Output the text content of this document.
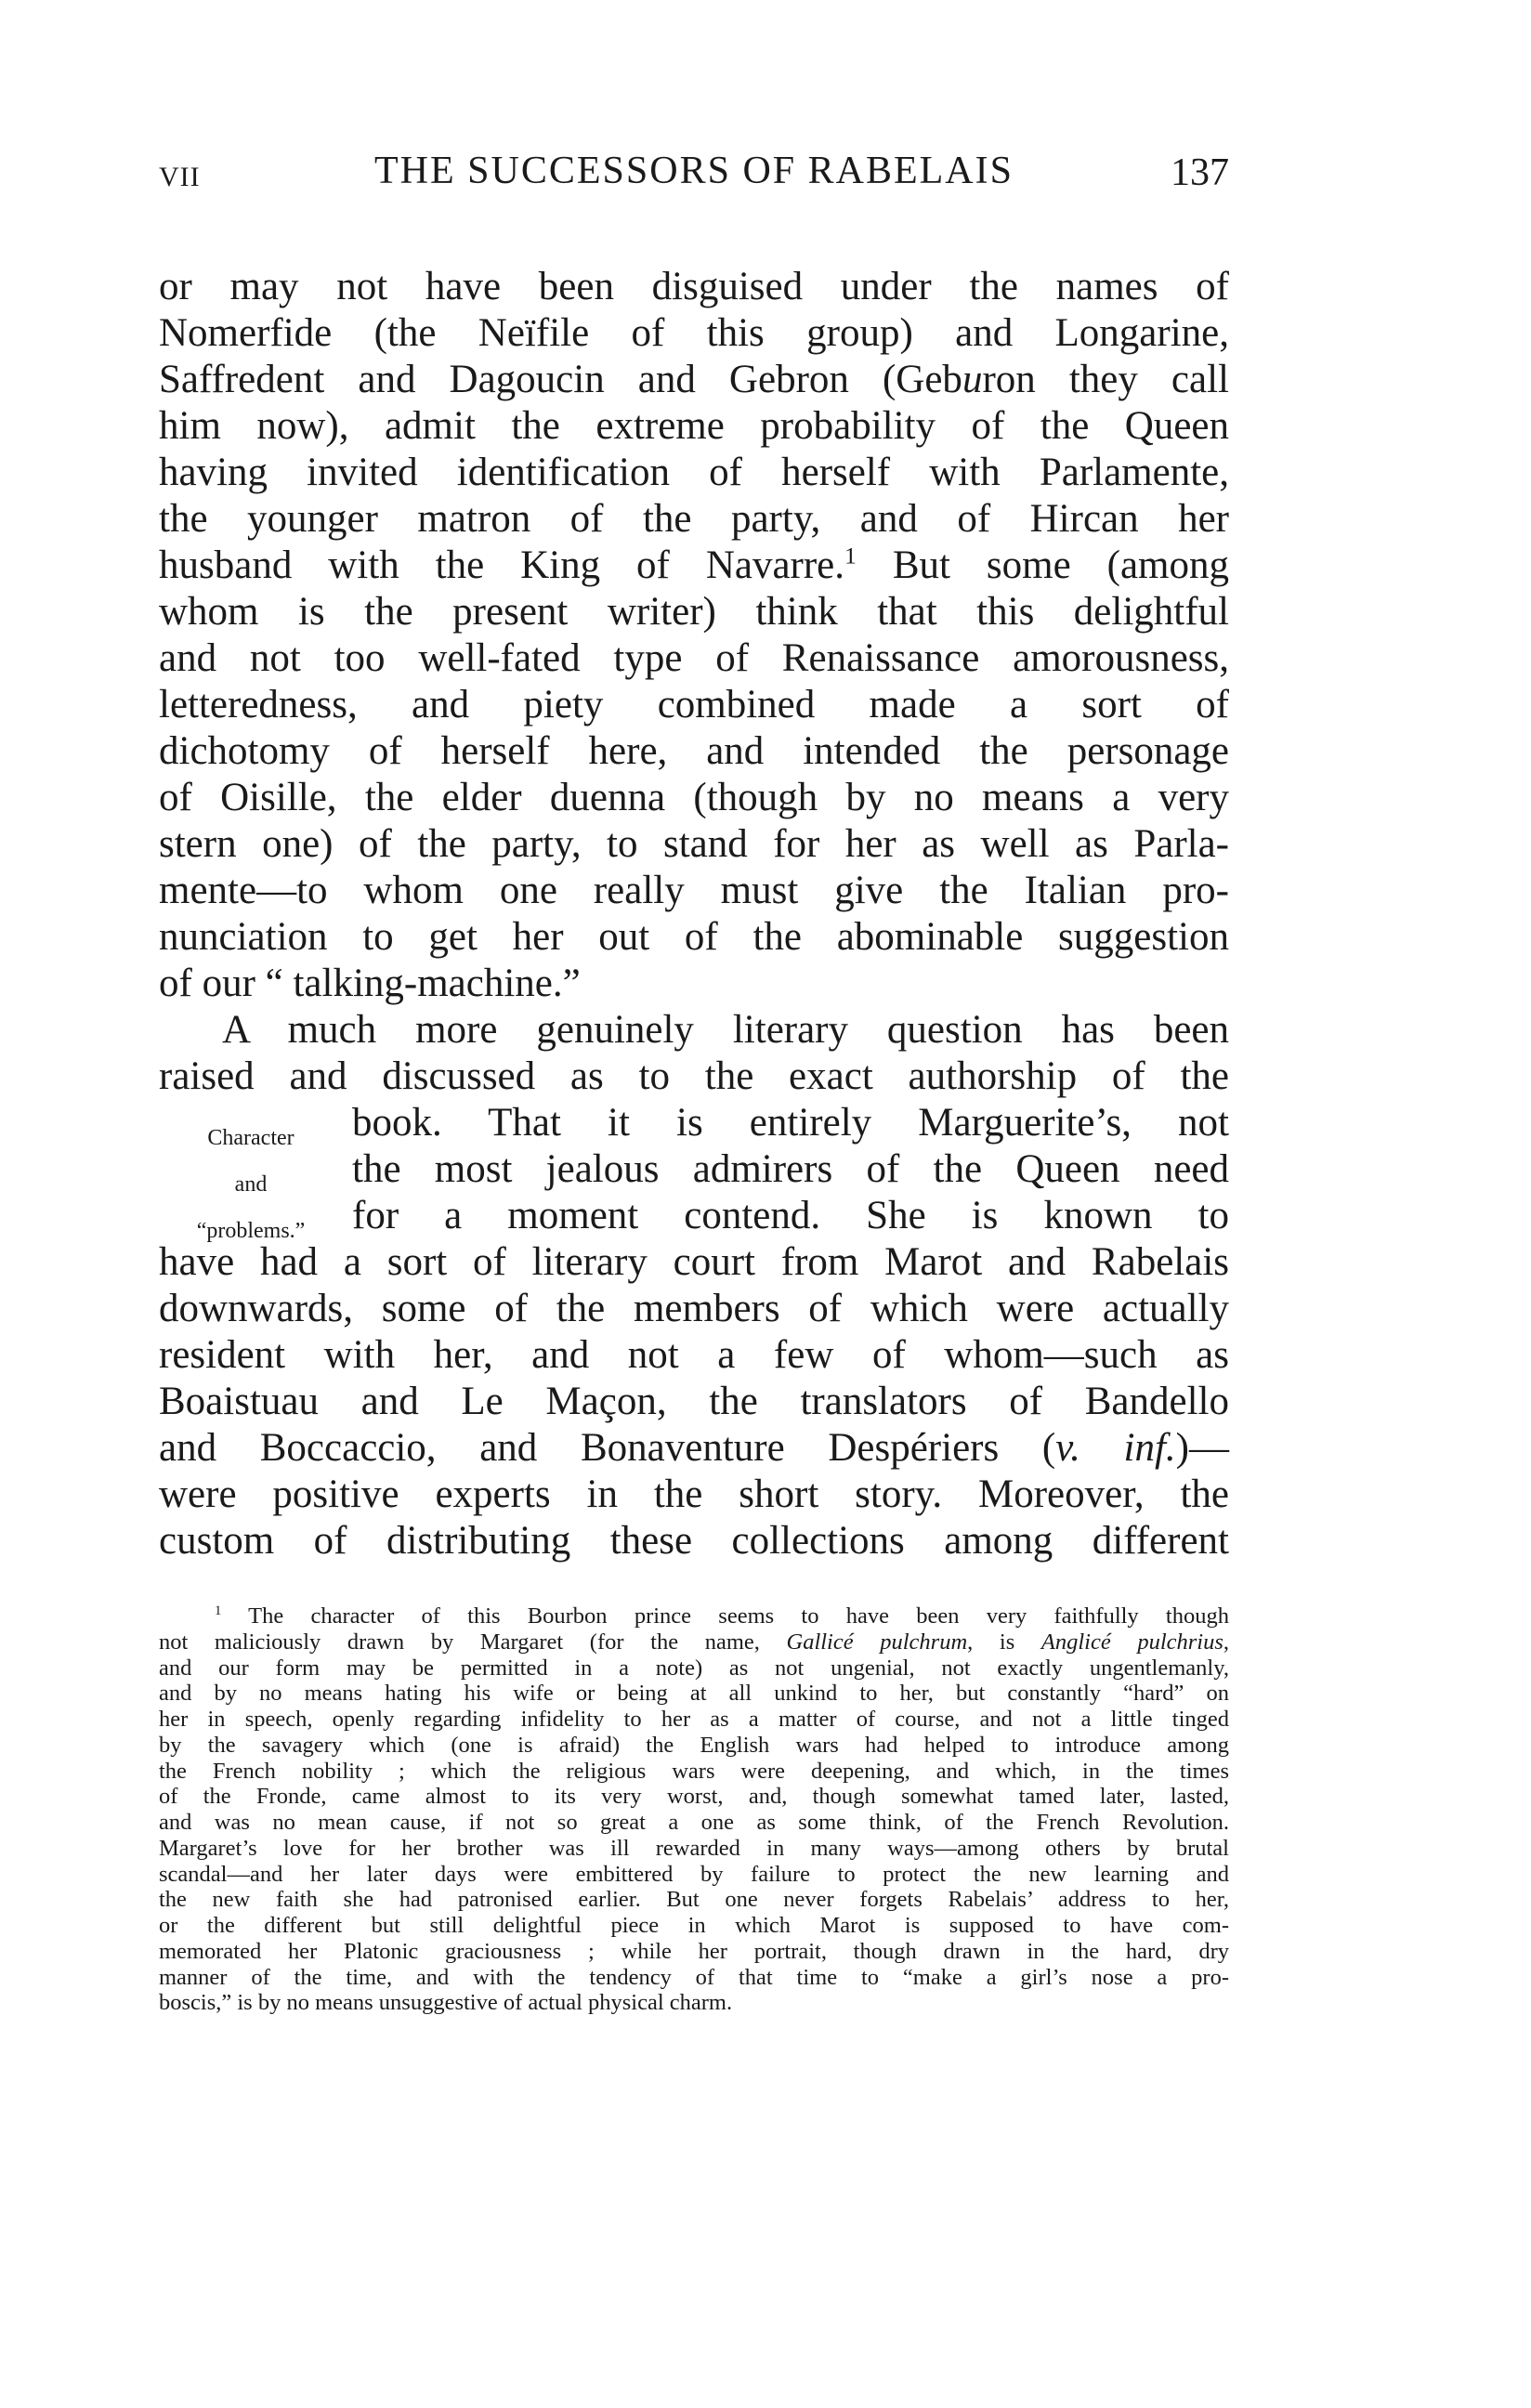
VII	THE SUCCESSORS OF RABELAIS	137
or may not have been disguised under the names of
Nomerfide (the Neïfile of this group) and Longarine,
Saffredent and Dagoucin and Gebron (Geburon they call
him now), admit the extreme probability of the Queen
having invited identification of herself with Parlamente,
the younger matron of the party, and of Hircan her
husband with the King of Navarre.$^1$ But some (among
whom is the present writer) think that this delightful
and not too well-fated type of Renaissance amorousness,
letteredness, and piety combined made a sort of
dichotomy of herself here, and intended the personage
of Oisille, the elder duenna (though by no means a very
stern one) of the party, to stand for her as well as Parla-
mente—to whom one really must give the Italian pro-
nunciation to get her out of the abominable suggestion
of our “ talking-machine.”
A much more genuinely literary question has been
raised and discussed as to the exact authorship of the
book. That it is entirely Marguerite’s, not
the most jealous admirers of the Queen need
for a moment contend. She is known to
have had a sort of literary court from Marot and Rabelais
downwards, some of the members of which were actually
resident with her, and not a few of whom—such as
Boaistuau and Le Maçon, the translators of Bandello
and Boccaccio, and Bonaventure Despériers (v. inf.)—
were positive experts in the short story. Moreover, the
custom of distributing these collections among different
Character
and
“problems.”
$^1$ The character of this Bourbon prince seems to have been very faithfully though
not maliciously drawn by Margaret (for the name, Gallicé pulchrum, is Anglicé pulchrius,
and our form may be permitted in a note) as not ungenial, not exactly ungentlemanly,
and by no means hating his wife or being at all unkind to her, but constantly “hard” on
her in speech, openly regarding infidelity to her as a matter of course, and not a little tinged
by the savagery which (one is afraid) the English wars had helped to introduce among
the French nobility ; which the religious wars were deepening, and which, in the times
of the Fronde, came almost to its very worst, and, though somewhat tamed later, lasted,
and was no mean cause, if not so great a one as some think, of the French Revolution.
Margaret’s love for her brother was ill rewarded in many ways—among others by brutal
scandal—and her later days were embittered by failure to protect the new learning and
the new faith she had patronised earlier. But one never forgets Rabelais’ address to her,
or the different but still delightful piece in which Marot is supposed to have com-
memorated her Platonic graciousness ; while her portrait, though drawn in the hard, dry
manner of the time, and with the tendency of that time to “make a girl’s nose a pro-
boscis,” is by no means unsuggestive of actual physical charm.
